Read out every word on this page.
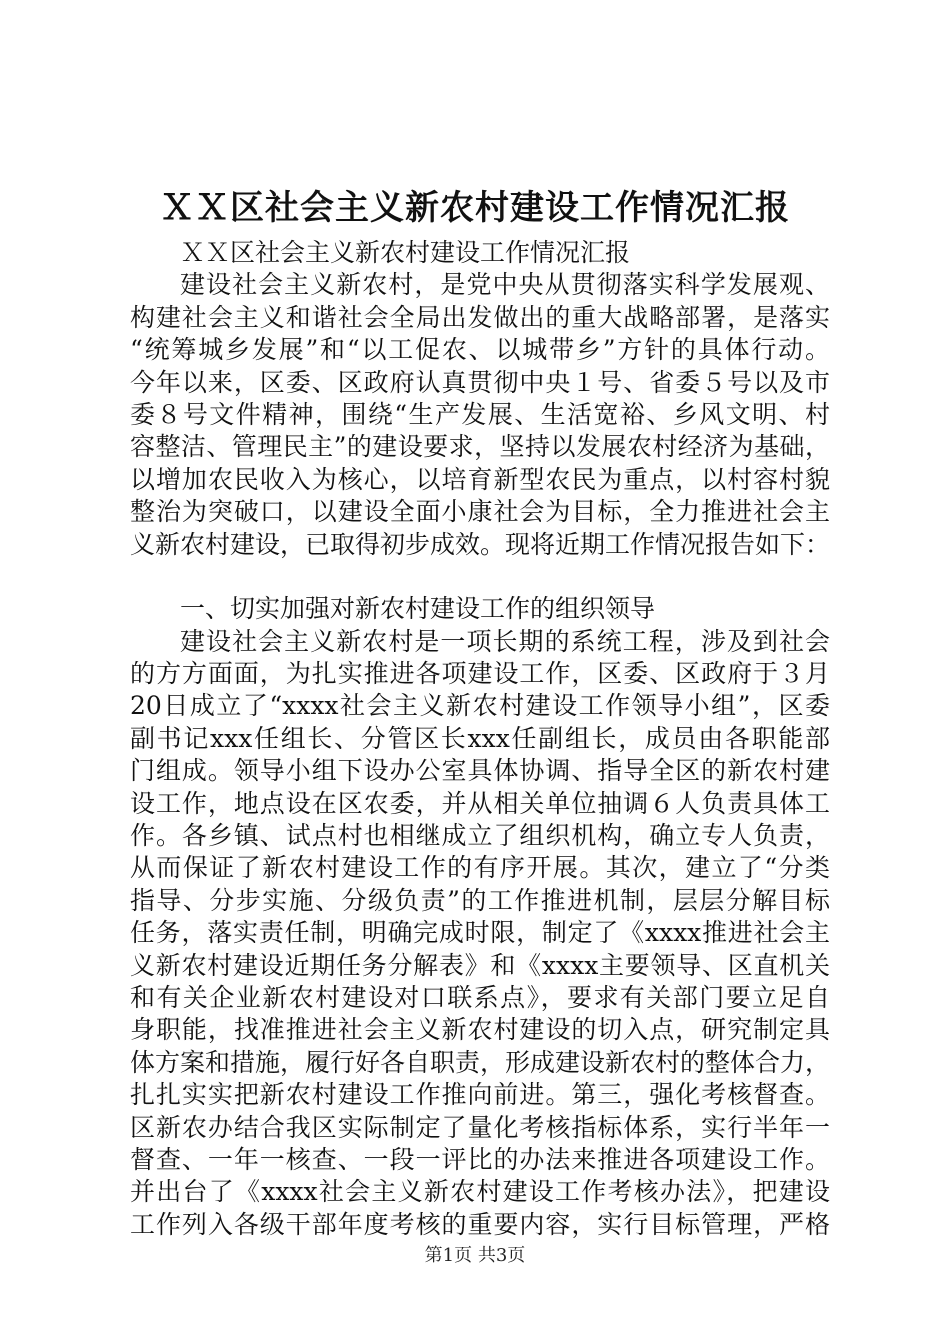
ＸＸ区社会主义新农村建设工作情况汇报
ＸＸ区社会主义新农村建设工作情况汇报
建设社会主义新农村，是党中央从贯彻落实科学发展观、
构建社会主义和谐社会全局出发做出的重大战略部署，是落实
“统筹城乡发展”和“以工促农、以城带乡”方针的具体行动。
今年以来，区委、区政府认真贯彻中央１号、省委５号以及市
委８号文件精神，围绕“生产发展、生活宽裕、乡风文明、村
容整洁、管理民主”的建设要求，坚持以发展农村经济为基础，
以增加农民收入为核心，以培育新型农民为重点，以村容村貌
整治为突破口，以建设全面小康社会为目标，全力推进社会主
义新农村建设，已取得初步成效。现将近期工作情况报告如下：
一、切实加强对新农村建设工作的组织领导
建设社会主义新农村是一项长期的系统工程，涉及到社会
的方方面面，为扎实推进各项建设工作，区委、区政府于３月
20日成立了“xxxx社会主义新农村建设工作领导小组”，区委
副书记xxx任组长、分管区长xxx任副组长，成员由各职能部
门组成。领导小组下设办公室具体协调、指导全区的新农村建
设工作，地点设在区农委，并从相关单位抽调６人负责具体工
作。各乡镇、试点村也相继成立了组织机构，确立专人负责，
从而保证了新农村建设工作的有序开展。其次，建立了“分类
指导、分步实施、分级负责”的工作推进机制，层层分解目标
任务，落实责任制，明确完成时限，制定了《xxxx推进社会主
义新农村建设近期任务分解表》和《xxxx主要领导、区直机关
和有关企业新农村建设对口联系点》，要求有关部门要立足自
身职能，找准推进社会主义新农村建设的切入点，研究制定具
体方案和措施，履行好各自职责，形成建设新农村的整体合力，
扎扎实实把新农村建设工作推向前进。第三，强化考核督查。
区新农办结合我区实际制定了量化考核指标体系，实行半年一
督查、一年一核查、一段一评比的办法来推进各项建设工作。
并出台了《xxxx社会主义新农村建设工作考核办法》，把建设
工作列入各级干部年度考核的重要内容，实行目标管理，严格
第1页 共3页
